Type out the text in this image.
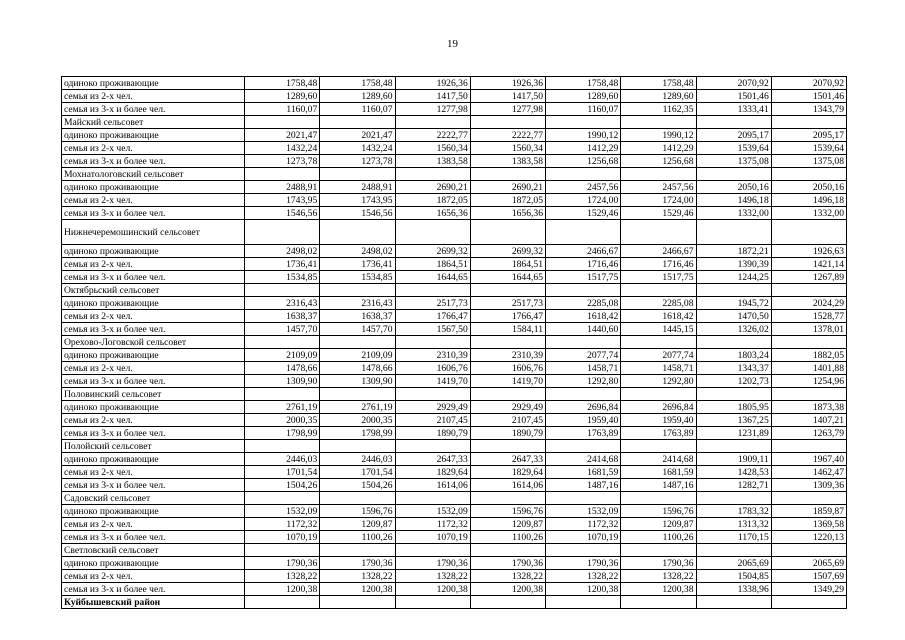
19
одиноко проживающие	1758,48	1758,48	1926,36	1926,36	1758,48	1758,48	2070,92	2070,92
семья из 2-х чел.	1289,60	1289,60	1417,50	1417,50	1289,60	1289,60	1501,46	1501,46
семья из 3-х и более чел.	1160,07	1160,07	1277,98	1277,98	1160,07	1162,35	1333,41	1343,79
Майский сельсовет								
одиноко проживающие	2021,47	2021,47	2222,77	2222,77	1990,12	1990,12	2095,17	2095,17
семья из 2-х чел.	1432,24	1432,24	1560,34	1560,34	1412,29	1412,29	1539,64	1539,64
семья из 3-х и более чел.	1273,78	1273,78	1383,58	1383,58	1256,68	1256,68	1375,08	1375,08
Мохнатологовский сельсовет								
одиноко проживающие	2488,91	2488,91	2690,21	2690,21	2457,56	2457,56	2050,16	2050,16
семья из 2-х чел.	1743,95	1743,95	1872,05	1872,05	1724,00	1724,00	1496,18	1496,18
семья из 3-х и более чел.	1546,56	1546,56	1656,36	1656,36	1529,46	1529,46	1332,00	1332,00
Нижнечеремошинский сельсовет								
одиноко проживающие	2498,02	2498,02	2699,32	2699,32	2466,67	2466,67	1872,21	1926,63
семья из 2-х чел.	1736,41	1736,41	1864,51	1864,51	1716,46	1716,46	1390,39	1421,14
семья из 3-х и более чел.	1534,85	1534,85	1644,65	1644,65	1517,75	1517,75	1244,25	1267,89
Октябрьский сельсовет								
одиноко проживающие	2316,43	2316,43	2517,73	2517,73	2285,08	2285,08	1945,72	2024,29
семья из 2-х чел.	1638,37	1638,37	1766,47	1766,47	1618,42	1618,42	1470,50	1528,77
семья из 3-х и более чел.	1457,70	1457,70	1567,50	1584,11	1440,60	1445,15	1326,02	1378,01
Орехово-Логовской сельсовет								
одиноко проживающие	2109,09	2109,09	2310,39	2310,39	2077,74	2077,74	1803,24	1882,05
семья из 2-х чел.	1478,66	1478,66	1606,76	1606,76	1458,71	1458,71	1343,37	1401,88
семья из 3-х и более чел.	1309,90	1309,90	1419,70	1419,70	1292,80	1292,80	1202,73	1254,96
Половинский сельсовет								
одиноко проживающие	2761,19	2761,19	2929,49	2929,49	2696,84	2696,84	1805,95	1873,38
семья из 2-х чел.	2000,35	2000,35	2107,45	2107,45	1959,40	1959,40	1367,25	1407,21
семья из 3-х и более чел.	1798,99	1798,99	1890,79	1890,79	1763,89	1763,89	1231,89	1263,79
Полойский сельсовет								
одиноко проживающие	2446,03	2446,03	2647,33	2647,33	2414,68	2414,68	1909,11	1967,40
семья из 2-х чел.	1701,54	1701,54	1829,64	1829,64	1681,59	1681,59	1428,53	1462,47
семья из 3-х и более чел.	1504,26	1504,26	1614,06	1614,06	1487,16	1487,16	1282,71	1309,36
Садовский сельсовет								
одиноко проживающие	1532,09	1596,76	1532,09	1596,76	1532,09	1596,76	1783,32	1859,87
семья из 2-х чел.	1172,32	1209,87	1172,32	1209,87	1172,32	1209,87	1313,32	1369,58
семья из 3-х и более чел.	1070,19	1100,26	1070,19	1100,26	1070,19	1100,26	1170,15	1220,13
Светловский сельсовет								
одиноко проживающие	1790,36	1790,36	1790,36	1790,36	1790,36	1790,36	2065,69	2065,69
семья из 2-х чел.	1328,22	1328,22	1328,22	1328,22	1328,22	1328,22	1504,85	1507,69
семья из 3-х и более чел.	1200,38	1200,38	1200,38	1200,38	1200,38	1200,38	1338,96	1349,29
Куйбышевский район								
